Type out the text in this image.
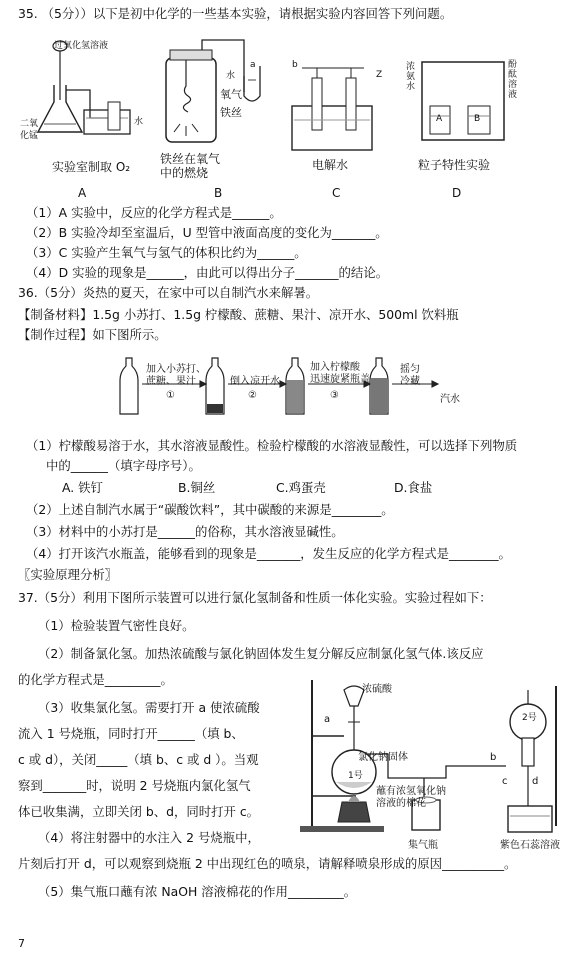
35. （5分））以下是初中化学的一些基本实验，请根据实验内容回答下列问题。
过氧化氢溶液
二氧
化锰
水
实验室制取 O₂
A
水
a
氧气
铁丝
铁丝在氧气
中的燃烧
B
b
Z
电解水
C
浓氨水
酚酞溶液
A	B
粒子特性实验
D
（1）A 实验中，反应的化学方程式是______。
（2）B 实验冷却至室温后，U 型管中液面高度的变化为_______。
（3）C 实验产生氧气与氢气的体积比约为______。
（4）D 实验的现象是______，由此可以得出分子_______的结论。
36.（5分）炎热的夏天，在家中可以自制汽水来解暑。
【制备材料】1.5g 小苏打、1.5g 柠檬酸、蔗糖、果汁、凉开水、500ml 饮料瓶
【制作过程】如下图所示。
加入小苏打、
蔗糖、果汁
①
倒入凉开水
②
加入柠檬酸
迅速旋紧瓶盖
③
摇匀
冷藏
汽水
（1）柠檬酸易溶于水，其水溶液显酸性。检验柠檬酸的水溶液显酸性，可以选择下列物质
中的______（填字母序号）。
A. 铁钉	B.铜丝	C.鸡蛋壳	D.食盐
（2）上述自制汽水属于“碳酸饮料”，其中碳酸的来源是________。
（3）材料中的小苏打是______的俗称，其水溶液显碱性。
（4）打开该汽水瓶盖，能够看到的现象是_______，发生反应的化学方程式是________。
〖实验原理分析〗
37.（5分）利用下图所示装置可以进行氯化氢制备和性质一体化实验。实验过程如下：
（1）检验装置气密性良好。
（2）制备氯化氢。加热浓硫酸与氯化钠固体发生复分解反应制氯化氢气体.该反应
的化学方程式是_________。
（3）收集氯化氢。需要打开 a 使浓硫酸
流入 1 号烧瓶，同时打开______（填 b、
c 或 d），关闭_____（填 b、c 或 d ）。当观
察到_______时，说明 2 号烧瓶内氯化氢气
体已收集满，立即关闭 b、d，同时打开 c。
（4）将注射器中的水注入 2 号烧瓶中，
片刻后打开 d，可以观察到烧瓶 2 中出现红色的喷泉，请解释喷泉形成的原因__________。
（5）集气瓶口蘸有浓 NaOH 溶液棉花的作用_________。
浓硫酸
a
氯化钠固体
1号
2号
蘸有浓氢氧化钠
溶液的棉花
b
c d
集气瓶	紫色石蕊溶液
7
